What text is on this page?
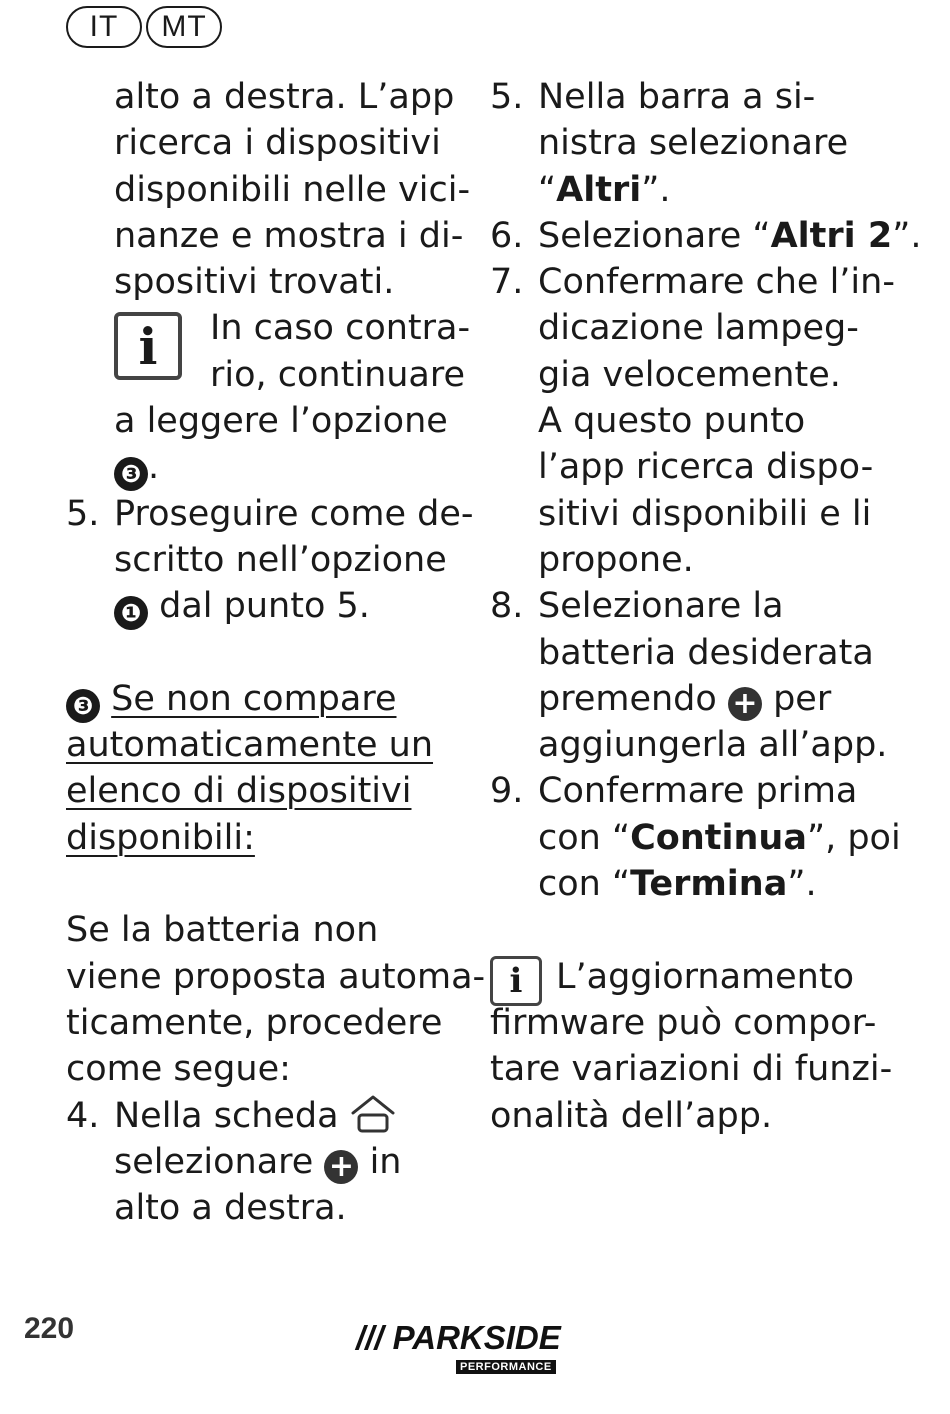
IT	MT
alto a destra. L’app
ricerca i dispositivi
disponibili nelle vici-
nanze e mostra i di-
spositivi trovati.
In caso contra-
rio, continuare
a leggere l’opzione
❸ .
5. Proseguire come de-
scritto nell’opzione
❶ dal punto 5.
❸ Se non compare
automaticamente un
elenco di dispositivi
disponibili:
Se la batteria non
viene proposta automa-
ticamente, procedere
come segue:
4. Nella scheda
selezionare + in
alto a destra.
i
5. Nella barra a si-
nistra selezionare
“Altri”.
6. Selezionare “Altri 2”.
7. Confermare che l’in-
dicazione lampeg-
gia velocemente.
A questo punto
l’app ricerca dispo-
sitivi disponibili e li
propone.
8. Selezionare la
batteria desiderata
premendo + per
aggiungerla all’app.
9. Confermare prima
con “Continua”, poi
con “Termina”.
i L’aggiornamento
firmware può compor-
tare variazioni di funzi-
onalità dell’app.
220	/// PARKSIDE
PERFORMANCE
